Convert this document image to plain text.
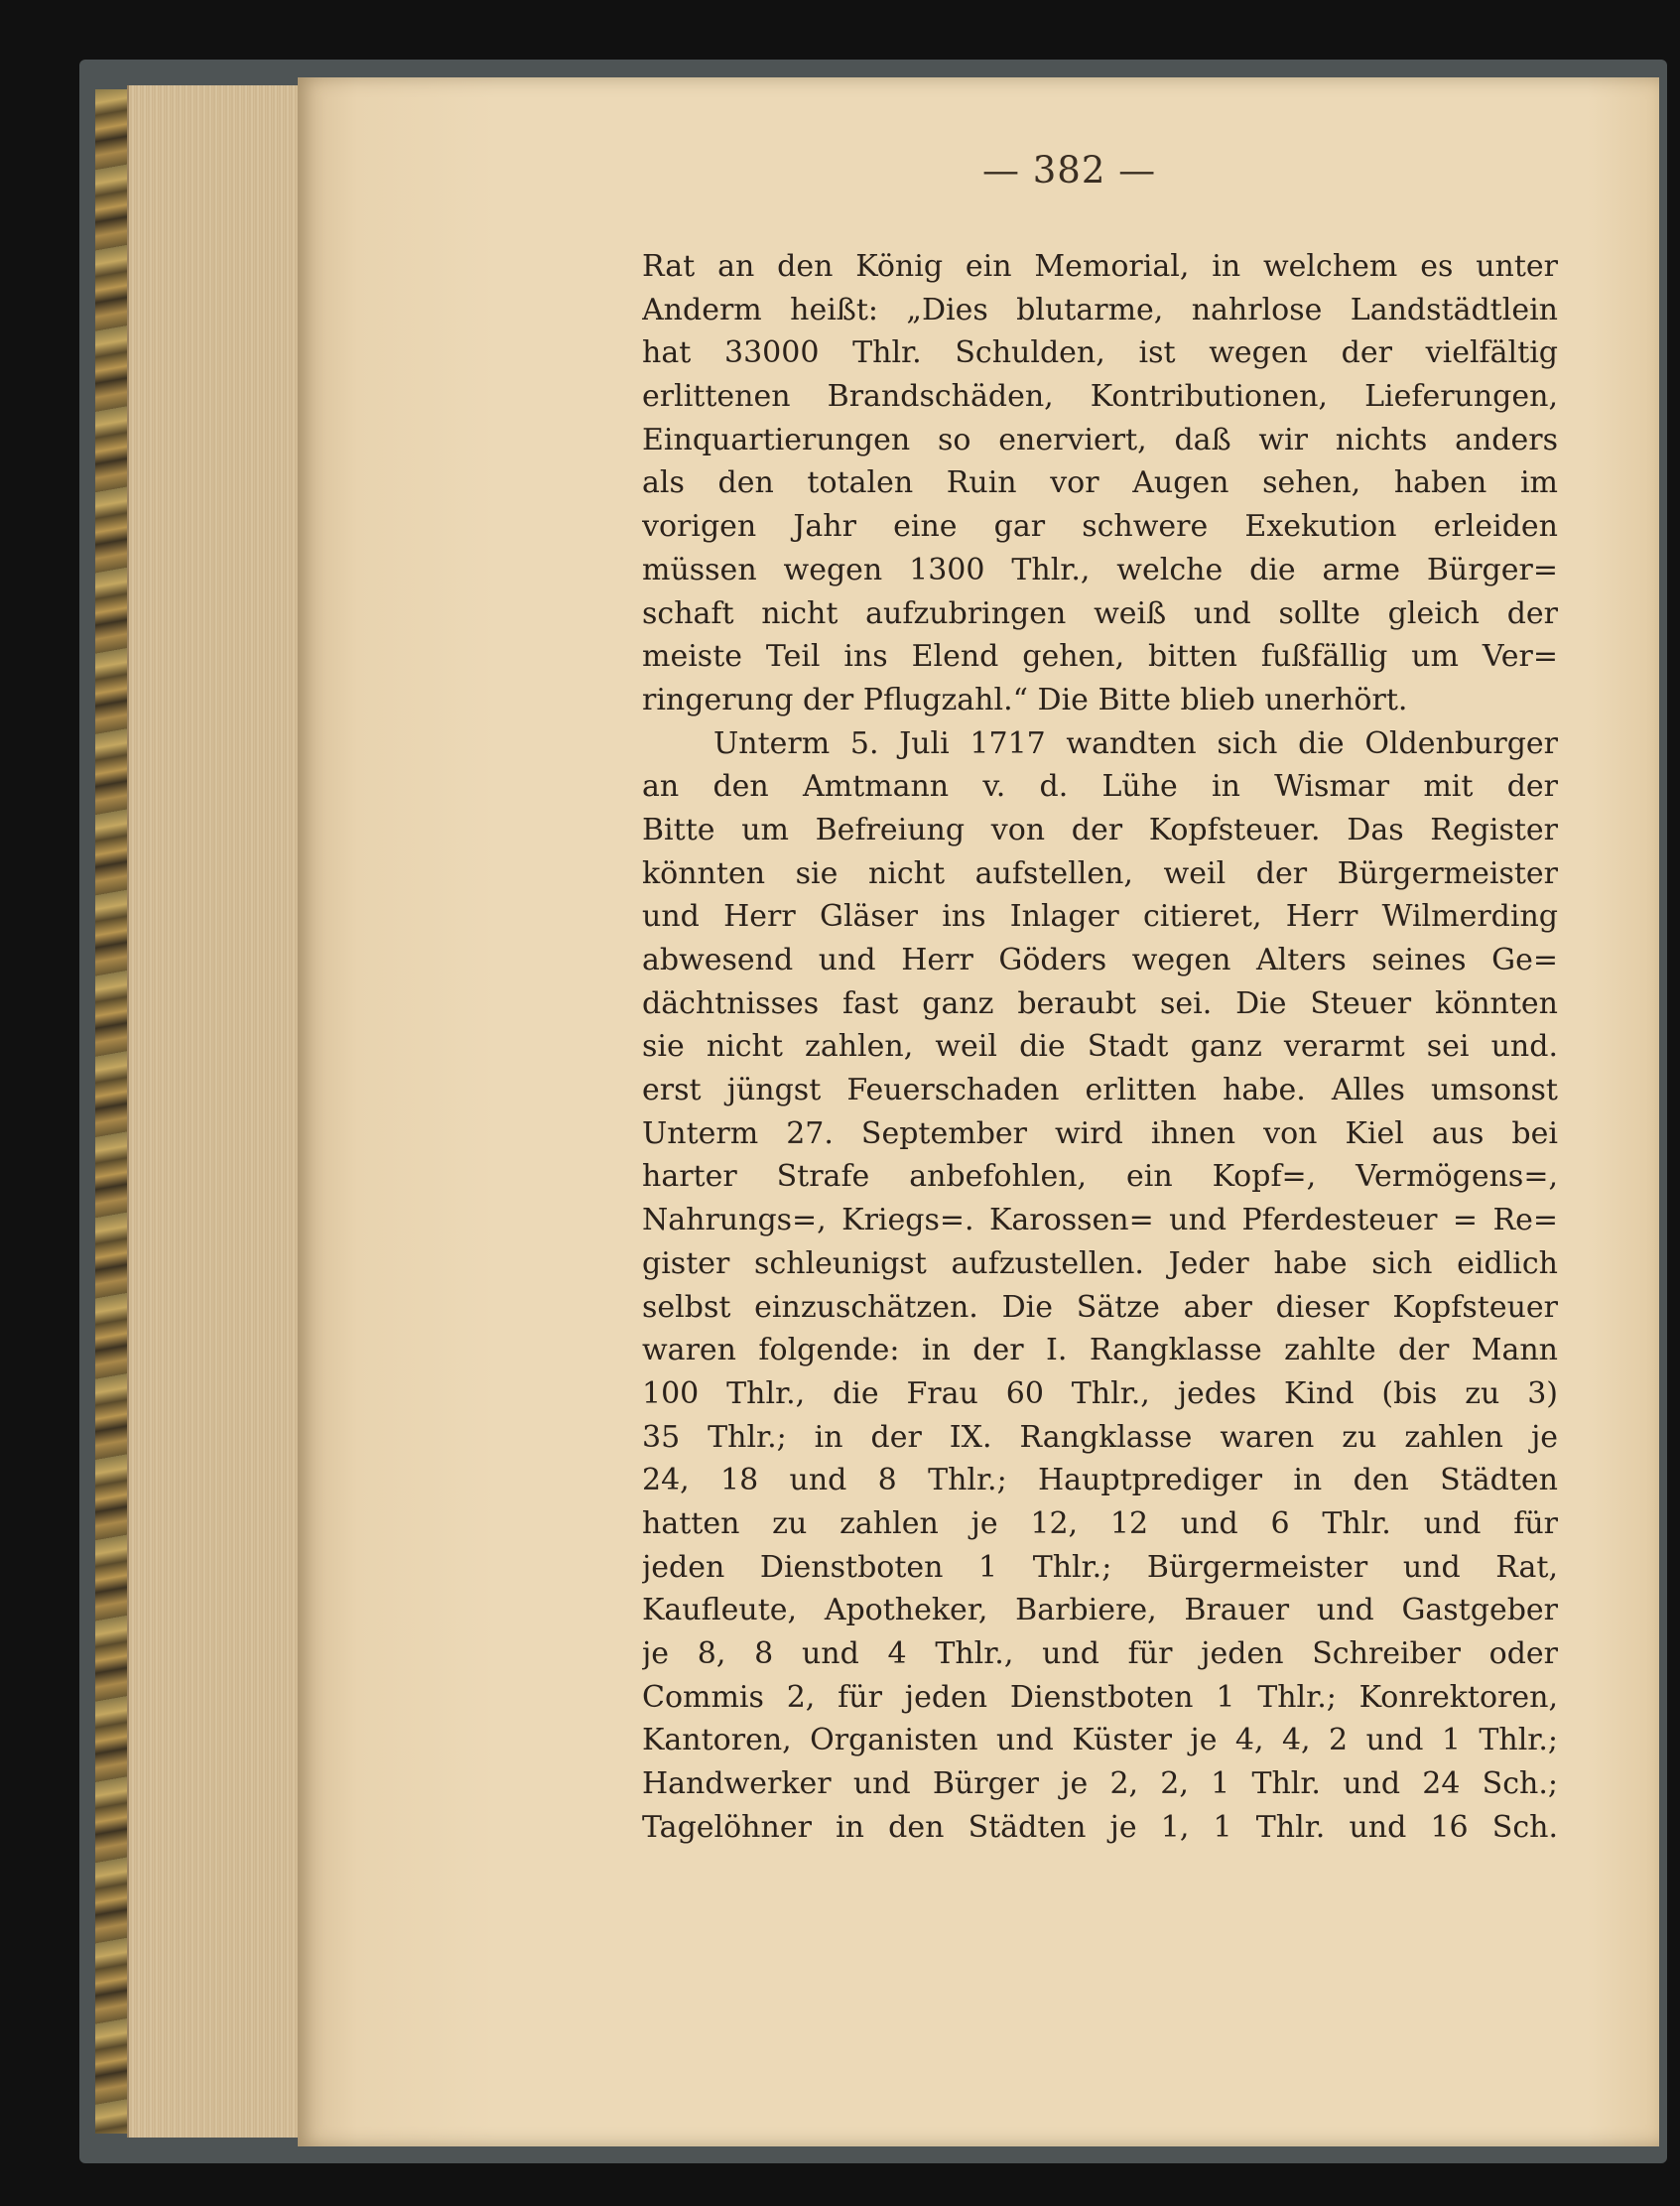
— 382 —
Rat an den König ein Memorial, in welchem es unter
Anderm heißt: „Dies blutarme, nahrlose Landstädtlein
hat 33000 Thlr. Schulden, ist wegen der vielfältig
erlittenen Brandschäden, Kontributionen, Lieferungen,
Einquartierungen so enerviert, daß wir nichts anders
als den totalen Ruin vor Augen sehen, haben im
vorigen Jahr eine gar schwere Exekution erleiden
müssen wegen 1300 Thlr., welche die arme Bürger=
schaft nicht aufzubringen weiß und sollte gleich der
meiste Teil ins Elend gehen, bitten fußfällig um Ver=
ringerung der Pflugzahl.“ Die Bitte blieb unerhört.
Unterm 5. Juli 1717 wandten sich die Oldenburger
an den Amtmann v. d. Lühe in Wismar mit der
Bitte um Befreiung von der Kopfsteuer. Das Register
könnten sie nicht aufstellen, weil der Bürgermeister
und Herr Gläser ins Inlager citieret, Herr Wilmerding
abwesend und Herr Göders wegen Alters seines Ge=
dächtnisses fast ganz beraubt sei. Die Steuer könnten
sie nicht zahlen, weil die Stadt ganz verarmt sei und.
erst jüngst Feuerschaden erlitten habe. Alles umsonst
Unterm 27. September wird ihnen von Kiel aus bei
harter Strafe anbefohlen, ein Kopf=, Vermögens=,
Nahrungs=, Kriegs=. Karossen= und Pferdesteuer = Re=
gister schleunigst aufzustellen. Jeder habe sich eidlich
selbst einzuschätzen. Die Sätze aber dieser Kopfsteuer
waren folgende: in der I. Rangklasse zahlte der Mann
100 Thlr., die Frau 60 Thlr., jedes Kind (bis zu 3)
35 Thlr.; in der IX. Rangklasse waren zu zahlen je
24, 18 und 8 Thlr.; Hauptprediger in den Städten
hatten zu zahlen je 12, 12 und 6 Thlr. und für
jeden Dienstboten 1 Thlr.; Bürgermeister und Rat,
Kaufleute, Apotheker, Barbiere, Brauer und Gastgeber
je 8, 8 und 4 Thlr., und für jeden Schreiber oder
Commis 2, für jeden Dienstboten 1 Thlr.; Konrektoren,
Kantoren, Organisten und Küster je 4, 4, 2 und 1 Thlr.;
Handwerker und Bürger je 2, 2, 1 Thlr. und 24 Sch.;
Tagelöhner in den Städten je 1, 1 Thlr. und 16 Sch.
